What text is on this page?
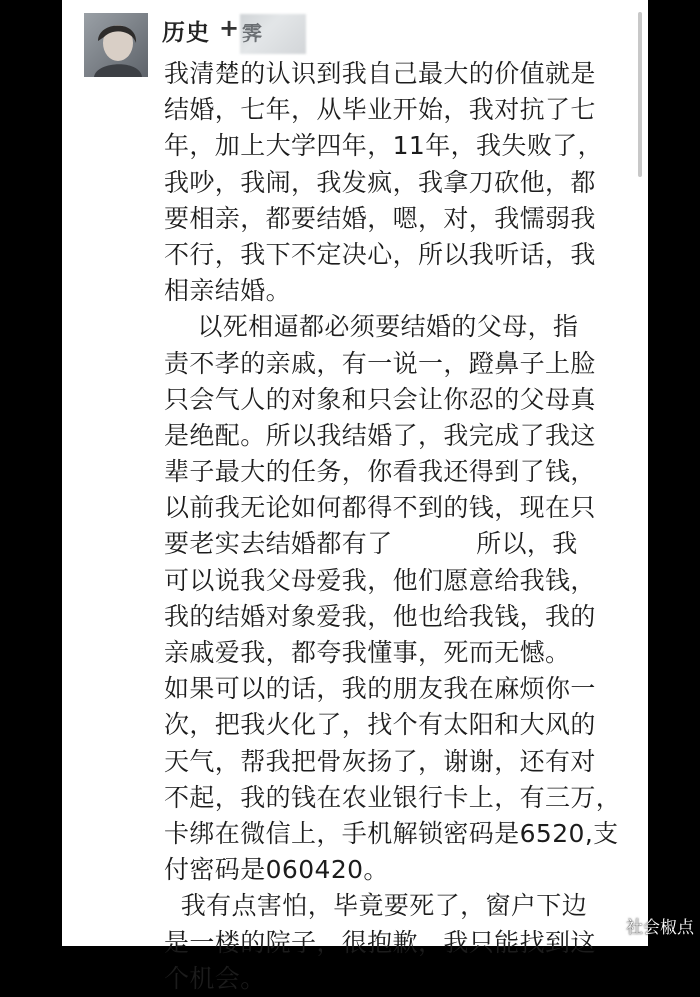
历史 + 霁
我清楚的认识到我自己最大的价值就是
结婚，七年，从毕业开始，我对抗了七
年，加上大学四年，11年，我失败了，
我吵，我闹，我发疯，我拿刀砍他，都
要相亲，都要结婚，嗯，对，我懦弱我
不行，我下不定决心，所以我听话，我
相亲结婚。
以死相逼都必须要结婚的父母，指
责不孝的亲戚，有一说一，蹬鼻子上脸
只会气人的对象和只会让你忍的父母真
是绝配。所以我结婚了，我完成了我这
辈子最大的任务，你看我还得到了钱，
以前我无论如何都得不到的钱，现在只
要老实去结婚都有了          所以，我
可以说我父母爱我，他们愿意给我钱，
我的结婚对象爱我，他也给我钱，我的
亲戚爱我，都夸我懂事，死而无憾。
如果可以的话，我的朋友我在麻烦你一
次，把我火化了，找个有太阳和大风的
天气，帮我把骨灰扬了，谢谢，还有对
不起，我的钱在农业银行卡上，有三万，
卡绑在微信上，手机解锁密码是6520,支
付密码是060420。
我有点害怕，毕竟要死了，窗户下边
是一楼的院子，很抱歉，我只能找到这
个机会。
社会椒点
